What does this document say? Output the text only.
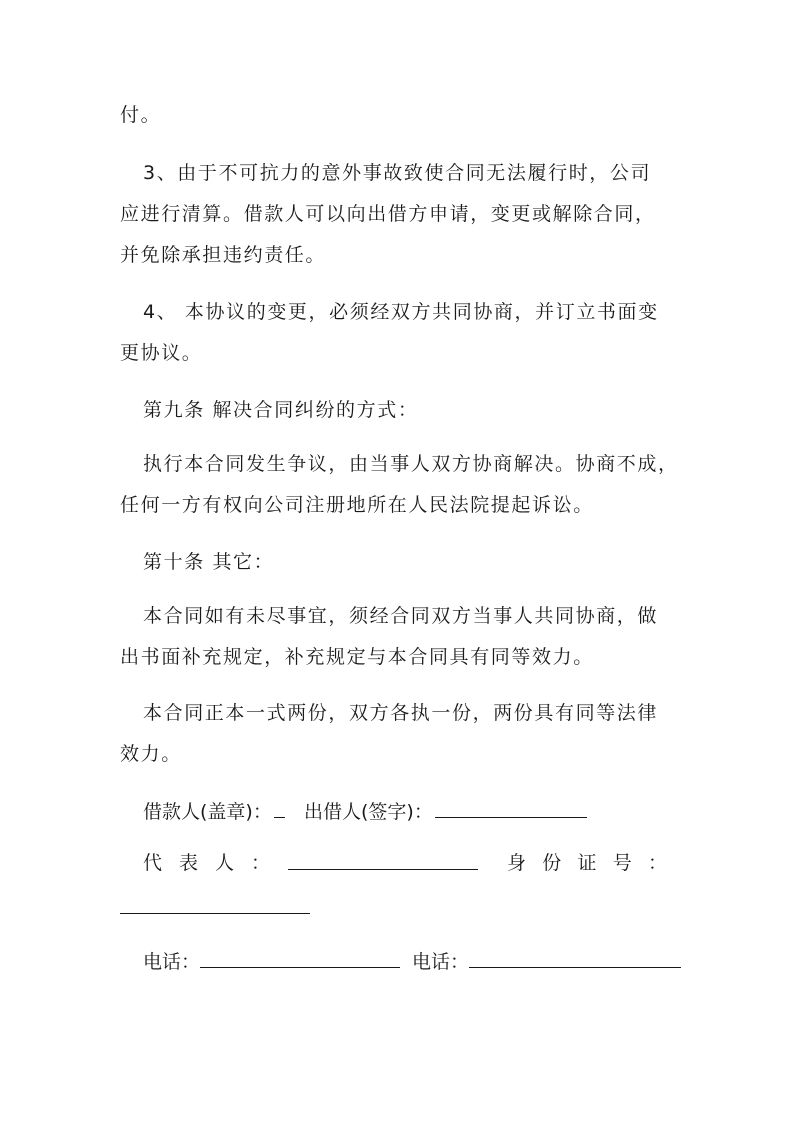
付。
3、由于不可抗力的意外事故致使合同无法履行时，公司
应进行清算。借款人可以向出借方申请，变更或解除合同，
并免除承担违约责任。
4、 本协议的变更，必须经双方共同协商，并订立书面变
更协议。
第九条 解决合同纠纷的方式：
执行本合同发生争议，由当事人双方协商解决。协商不成，
任何一方有权向公司注册地所在人民法院提起诉讼。
第十条 其它：
本合同如有未尽事宜，须经合同双方当事人共同协商，做
出书面补充规定，补充规定与本合同具有同等效力。
本合同正本一式两份，双方各执一份，两份具有同等法律
效力。
借款人(盖章)：	出借人(签字)：
代 表 人 ：	身 份 证 号 ：
电话：	电话：
